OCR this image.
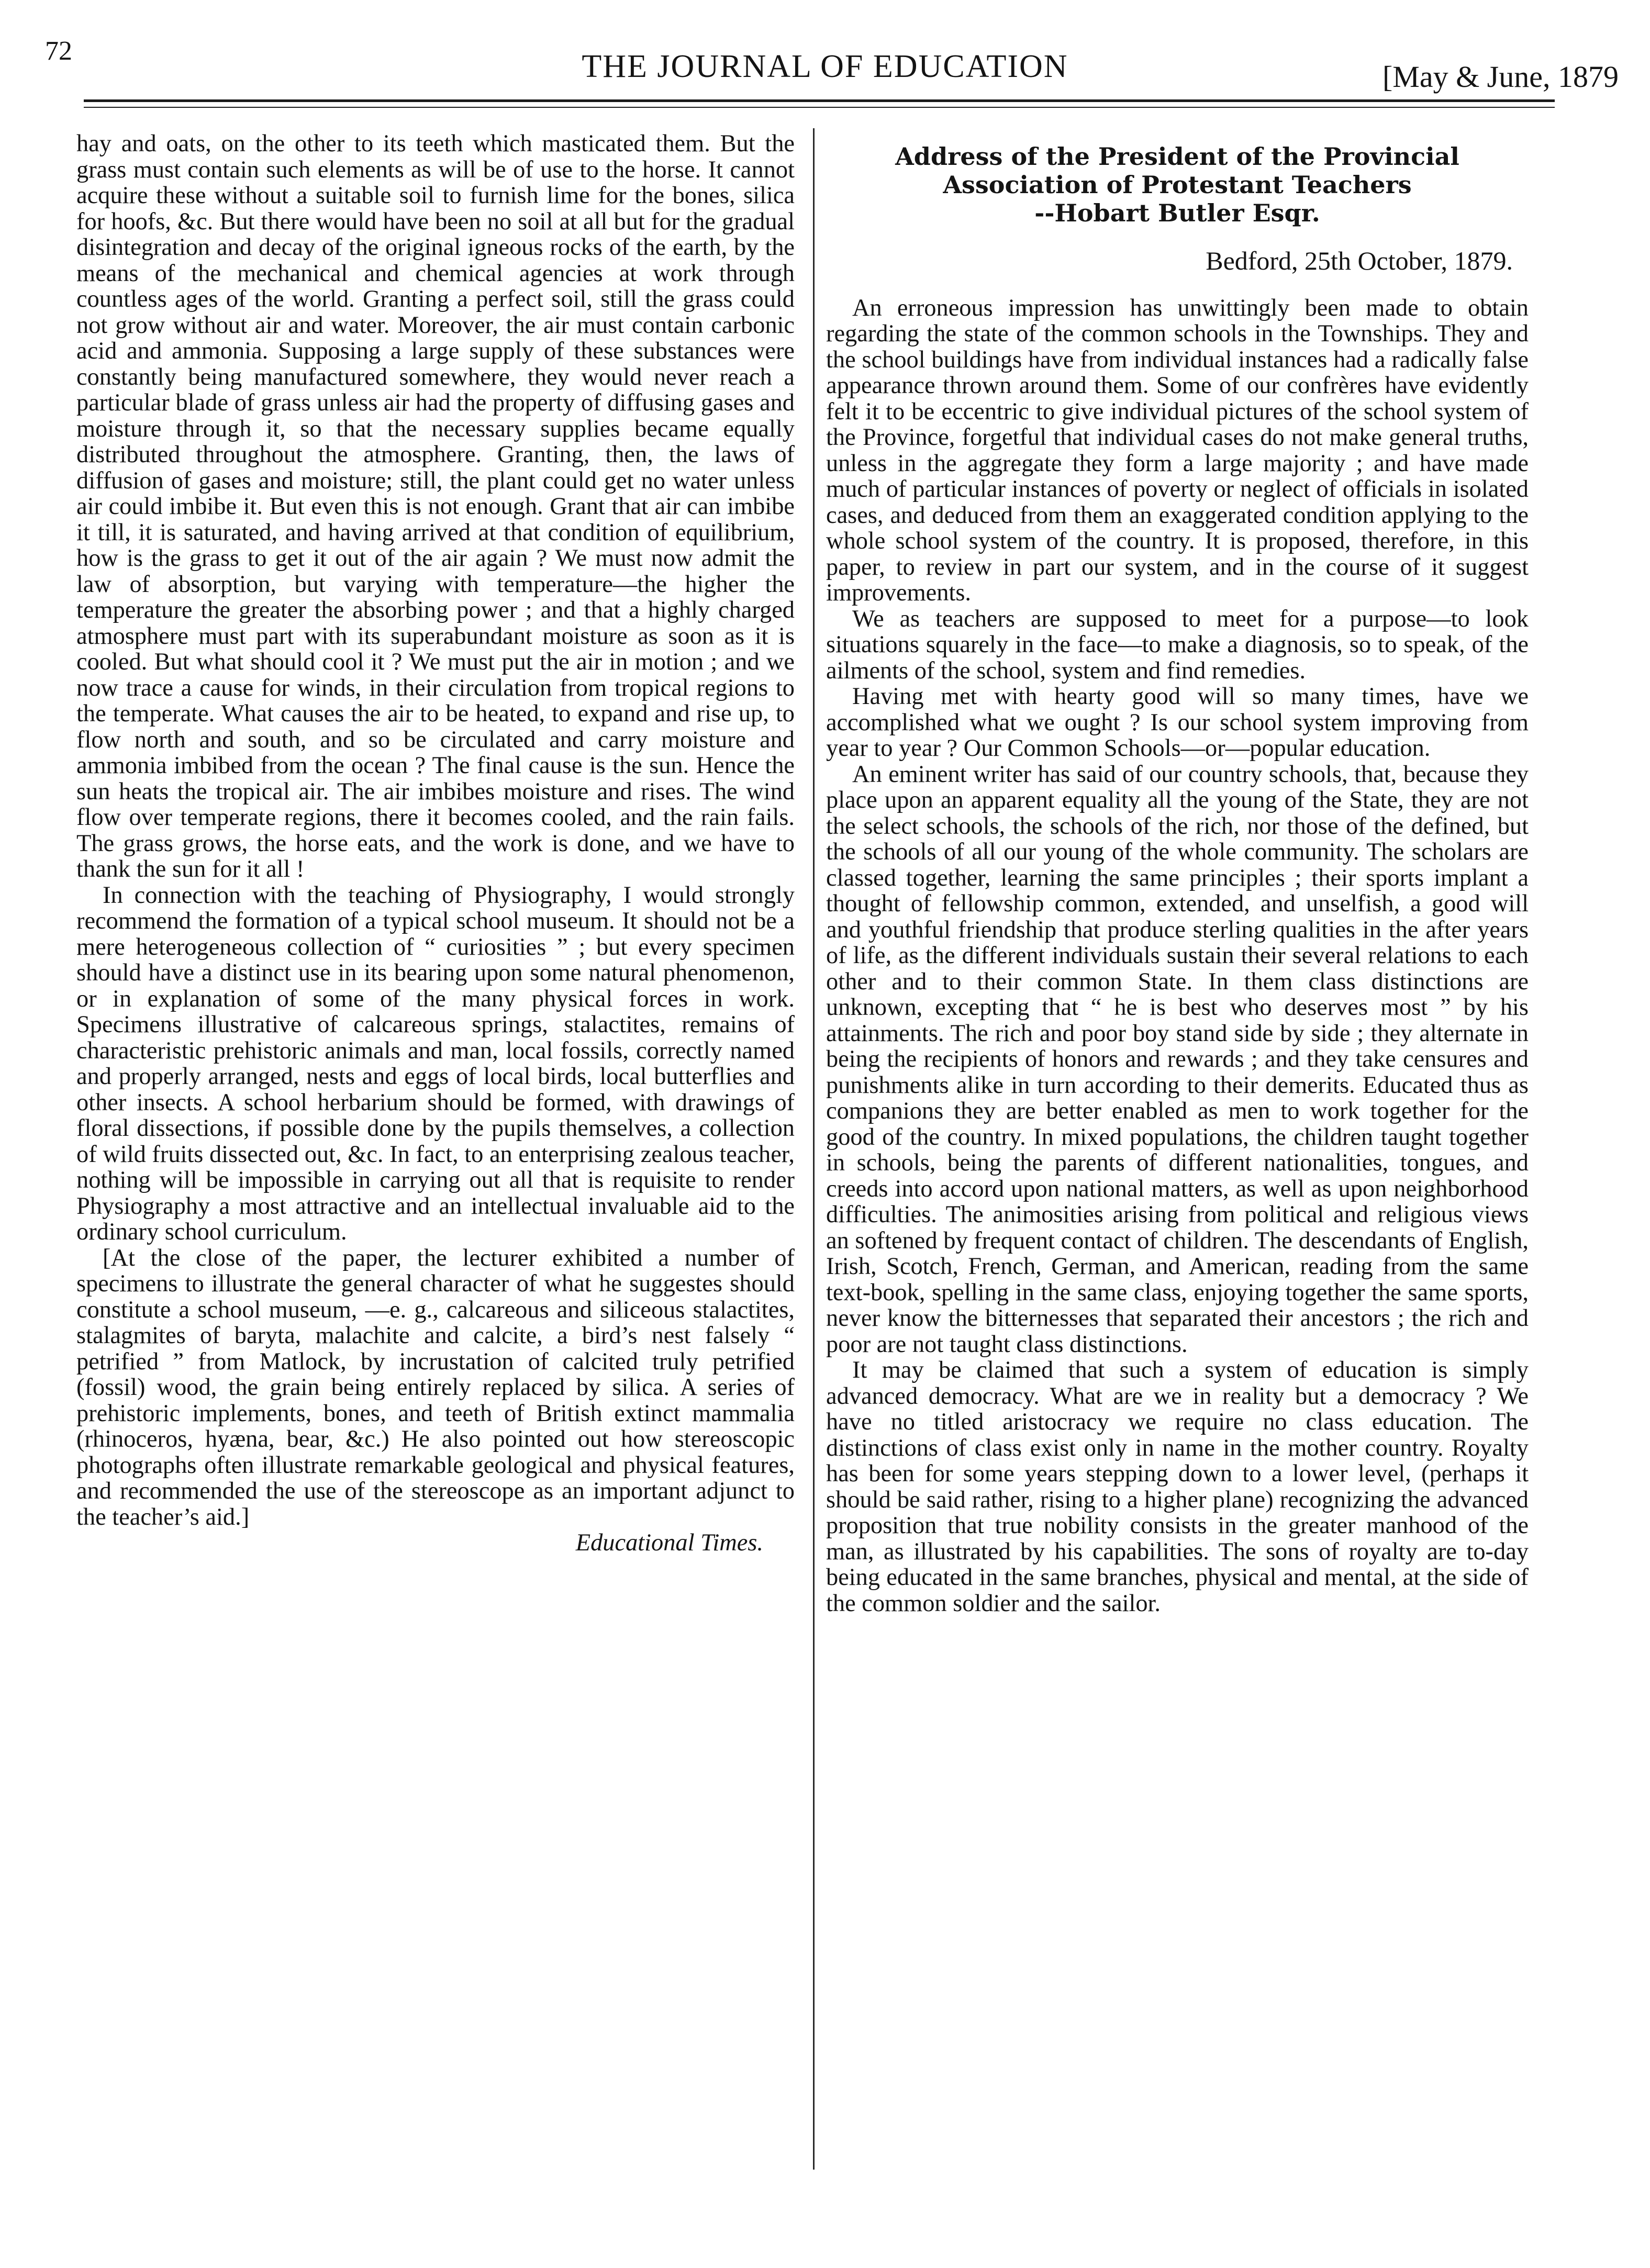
72	THE JOURNAL OF EDUCATION	[May & June, 1879

hay and oats, on the other to its teeth which masticated them. But the grass must contain such elements as will be of use to the horse. It cannot acquire these without a suitable soil to furnish lime for the bones, silica for hoofs, &c. But there would have been no soil at all but for the gradual disintegration and decay of the original igneous rocks of the earth, by the means of the mechanical and chemical agencies at work through countless ages of the world. Granting a perfect soil, still the grass could not grow without air and water. Moreover, the air must contain carbonic acid and ammonia. Supposing a large supply of these substances were constantly being manufactured somewhere, they would never reach a particular blade of grass unless air had the property of diffusing gases and moisture through it, so that the necessary supplies became equally distributed throughout the atmosphere. Granting, then, the laws of diffusion of gases and moisture; still, the plant could get no water unless air could imbibe it. But even this is not enough. Grant that air can imbibe it till, it is saturated, and having arrived at that condition of equilibrium, how is the grass to get it out of the air again ? We must now admit the law of absorption, but varying with temperature—the higher the temperature the greater the absorbing power ; and that a highly charged atmosphere must part with its superabundant moisture as soon as it is cooled. But what should cool it ? We must put the air in motion ; and we now trace a cause for winds, in their circulation from tropical regions to the temperate. What causes the air to be heated, to expand and rise up, to flow north and south, and so be circulated and carry moisture and ammonia imbibed from the ocean ? The final cause is the sun. Hence the sun heats the tropical air. The air imbibes moisture and rises. The wind flow over temperate regions, there it becomes cooled, and the rain fails. The grass grows, the horse eats, and the work is done, and we have to thank the sun for it all !

In connection with the teaching of Physiography, I would strongly recommend the formation of a typical school museum. It should not be a mere heterogeneous collection of “ curiosities ” ; but every specimen should have a distinct use in its bearing upon some natural phenomenon, or in explanation of some of the many physical forces in work. Specimens illustrative of calcareous springs, stalactites, remains of characteristic prehistoric animals and man, local fossils, correctly named and properly arranged, nests and eggs of local birds, local butterflies and other insects. A school herbarium should be formed, with drawings of floral dissections, if possible done by the pupils themselves, a collection of wild fruits dissected out, &c. In fact, to an enterprising zealous teacher, nothing will be impossible in carrying out all that is requisite to render Physiography a most attractive and an intellectual invaluable aid to the ordinary school curriculum.

[At the close of the paper, the lecturer exhibited a number of specimens to illustrate the general character of what he suggestes should constitute a school museum, —e. g., calcareous and siliceous stalactites, stalagmites of baryta, malachite and calcite, a bird’s nest falsely “ petrified ” from Matlock, by incrustation of calcited truly petrified (fossil) wood, the grain being entirely replaced by silica. A series of prehistoric implements, bones, and teeth of British extinct mammalia (rhinoceros, hyæna, bear, &c.) He also pointed out how stereoscopic photographs often illustrate remarkable geological and physical features, and recommended the use of the stereoscope as an important adjunct to the teacher’s aid.]

Educational Times.

Address of the President of the Provincial
Association of Protestant Teachers
--Hobart Butler Esqr.
Bedford, 25th October, 1879.

An erroneous impression has unwittingly been made to obtain regarding the state of the common schools in the Townships. They and the school buildings have from individual instances had a radically false appearance thrown around them. Some of our confrères have evidently felt it to be eccentric to give individual pictures of the school system of the Province, forgetful that individual cases do not make general truths, unless in the aggregate they form a large majority ; and have made much of particular instances of poverty or neglect of officials in isolated cases, and deduced from them an exaggerated condition applying to the whole school system of the country. It is proposed, therefore, in this paper, to review in part our system, and in the course of it suggest improvements.

We as teachers are supposed to meet for a purpose—to look situations squarely in the face—to make a diagnosis, so to speak, of the ailments of the school, system and find remedies.

Having met with hearty good will so many times, have we accomplished what we ought ? Is our school system improving from year to year ? Our Common Schools—or—popular education.

An eminent writer has said of our country schools, that, because they place upon an apparent equality all the young of the State, they are not the select schools, the schools of the rich, nor those of the defined, but the schools of all our young of the whole community. The scholars are classed together, learning the same principles ; their sports implant a thought of fellowship common, extended, and unselfish, a good will and youthful friendship that produce sterling qualities in the after years of life, as the different individuals sustain their several relations to each other and to their common State. In them class distinctions are unknown, excepting that “ he is best who deserves most ” by his attainments. The rich and poor boy stand side by side ; they alternate in being the recipients of honors and rewards ; and they take censures and punishments alike in turn according to their demerits. Educated thus as companions they are better enabled as men to work together for the good of the country. In mixed populations, the children taught together in schools, being the parents of different nationalities, tongues, and creeds into accord upon national matters, as well as upon neighborhood difficulties. The animosities arising from political and religious views an softened by frequent contact of children. The descendants of English, Irish, Scotch, French, German, and American, reading from the same text-book, spelling in the same class, enjoying together the same sports, never know the bitternesses that separated their ancestors ; the rich and poor are not taught class distinctions.

It may be claimed that such a system of education is simply advanced democracy. What are we in reality but a democracy ? We have no titled aristocracy we require no class education. The distinctions of class exist only in name in the mother country. Royalty has been for some years stepping down to a lower level, (perhaps it should be said rather, rising to a higher plane) recognizing the advanced proposition that true nobility consists in the greater manhood of the man, as illustrated by his capabilities. The sons of royalty are to-day being educated in the same branches, physical and mental, at the side of the common soldier and the sailor.
